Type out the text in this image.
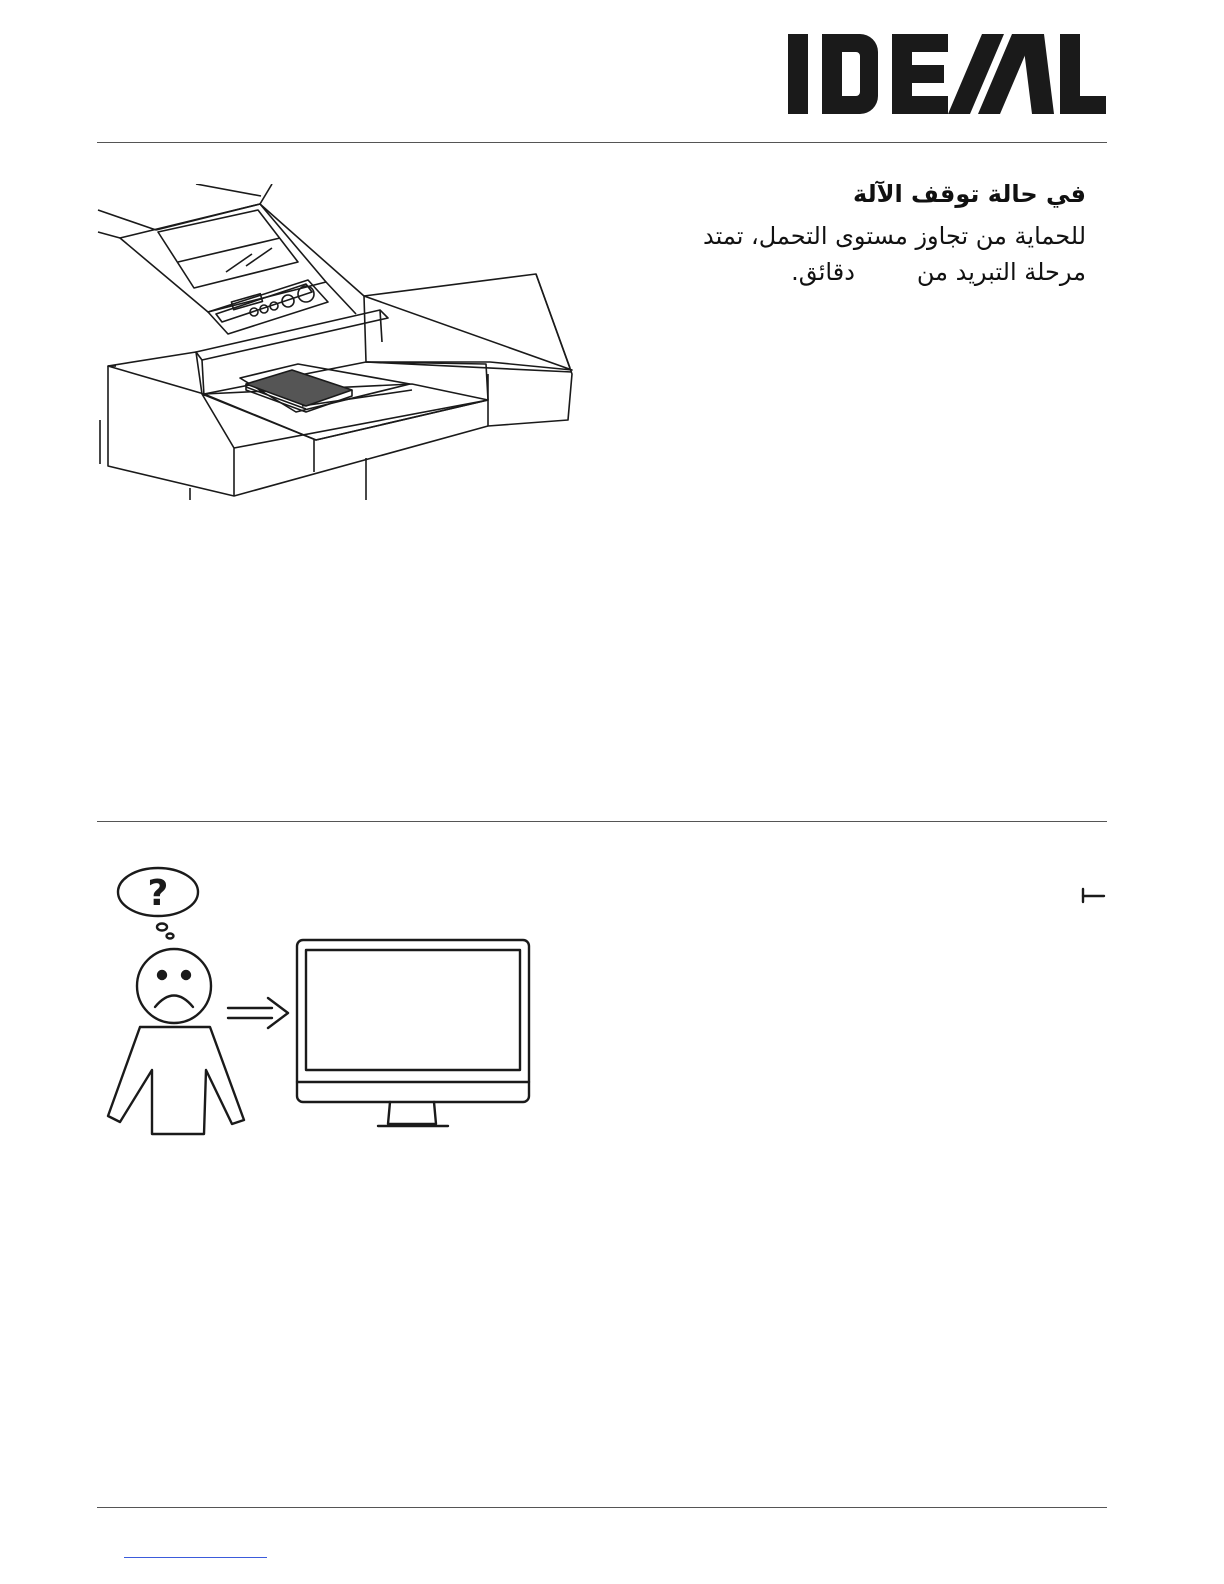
في حالة توقف الآلة
للحماية من تجاوز مستوى التحمل، تمتد
مرحلة التبريد مندقائق.
?
